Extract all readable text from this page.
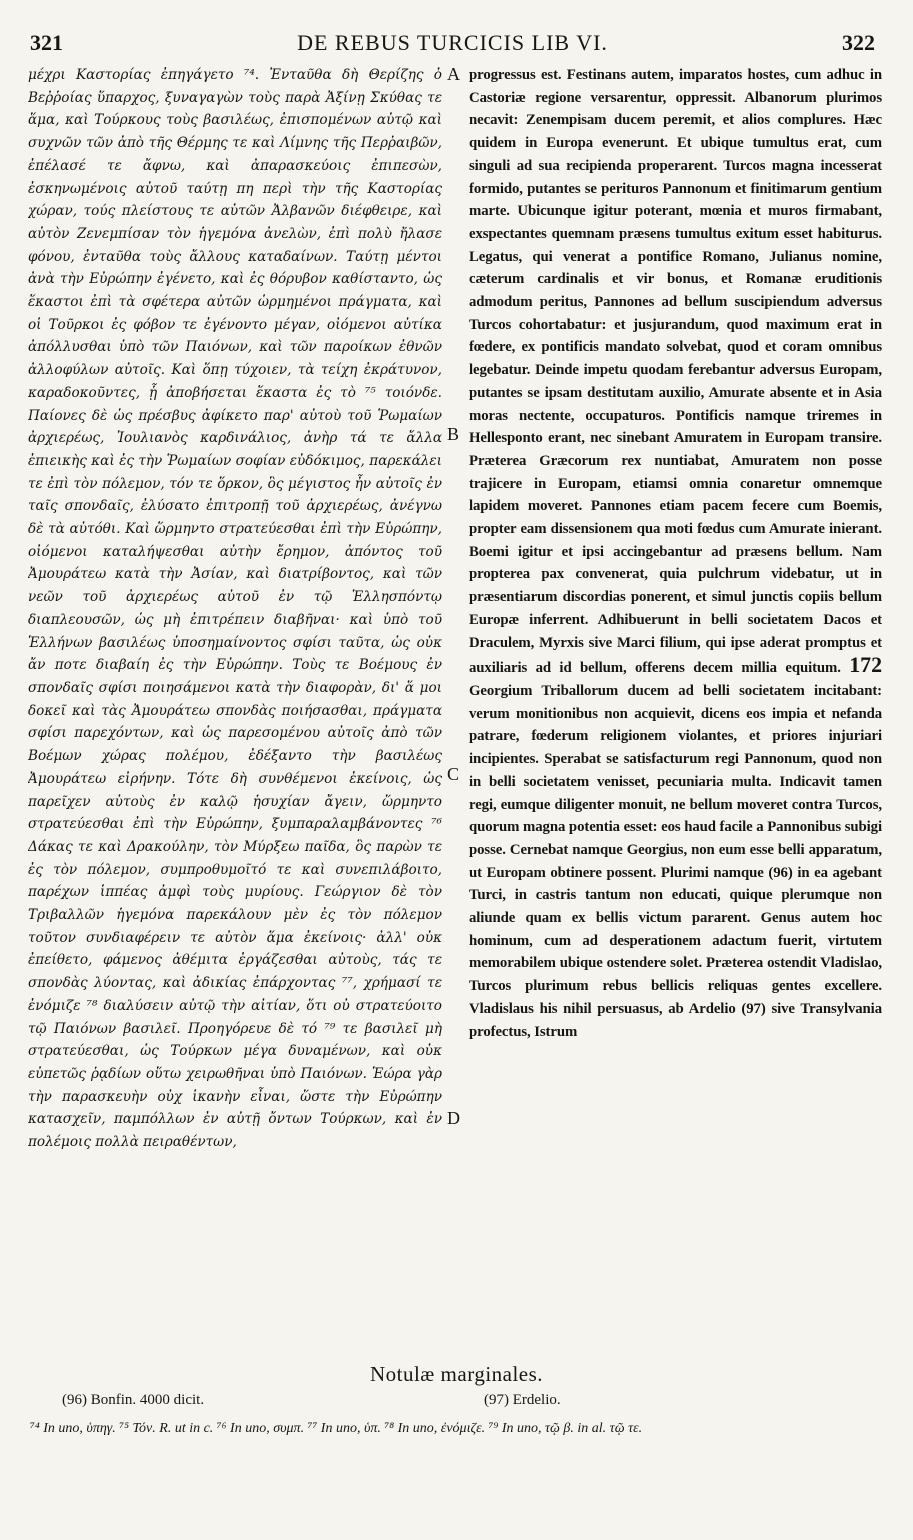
321	DE REBUS TURCICIS LIB VI.	322

μέχρι Καστορίας ἐπηγάγετο ⁷⁴. Ἐνταῦθα δὴ Θερίζης ὁ Βεῤῥοίας ὕπαρχος, ξυναγαγὼν τοὺς παρὰ Ἀξίνῃ Σκύθας τε ἅμα, καὶ Τούρκους τοὺς βασιλέως, ἐπισπομένων αὐτῷ καὶ συχνῶν τῶν ἀπὸ τῆς Θέρμης τε καὶ Λίμνης τῆς Περῤαιβῶν, ἐπέλασέ τε ἄφνω, καὶ ἀπαρασκεύοις ἐπιπεσὼν, ἐσκηνωμένοις αὐτοῦ ταύτῃ πη περὶ τὴν τῆς Καστορίας χώραν, τούς πλείστους τε αὐτῶν Ἀλβανῶν διέφθειρε, καὶ αὐτὸν Ζενεμπίσαν τὸν ἡγεμόνα ἀνελὼν, ἐπὶ πολὺ ἤλασε φόνου, ἐνταῦθα τοὺς ἄλλους καταδαίνων. Ταύτῃ μέντοι ἀνὰ τὴν Εὐρώπην ἐγένετο, καὶ ἐς θόρυβον καθίσταντο, ὡς ἕκαστοι ἐπὶ τὰ σφέτερα αὐτῶν ὡρμημένοι πράγματα, καὶ οἱ Τοῦρκοι ἐς φόβον τε ἐγένοντο μέγαν, οἰόμενοι αὐτίκα ἀπόλλυσθαι ὑπὸ τῶν Παιόνων, καὶ τῶν παροίκων ἐθνῶν ἀλλοφύλων αὐτοῖς. Καὶ ὅπῃ τύχοιεν, τὰ τείχη ἐκράτυνον, καραδοκοῦντες, ᾗ ἀποβήσεται ἕκαστα ἐς τὸ ⁷⁵ τοιόνδε. Παίονες δὲ ὡς πρέσβυς ἀφίκετο παρ' αὐτοὺ τοῦ Ῥωμαίων ἀρχιερέως, Ἰουλιανὸς καρδινάλιος, ἀνὴρ τά τε ἄλλα ἐπιεικὴς καὶ ἐς τὴν Ῥωμαίων σοφίαν εὐδόκιμος, παρεκάλει τε ἐπὶ τὸν πόλεμον, τόν τε ὅρκον, ὃς μέγιστος ἦν αὐτοῖς ἐν ταῖς σπονδαῖς, ἐλύσατο ἐπιτροπῇ τοῦ ἀρχιερέως, ἀνέγνω δὲ τὰ αὐτόθι. Καὶ ὥρμηντο στρατεύεσθαι ἐπὶ τὴν Εὐρώπην, οἰόμενοι καταλήψεσθαι αὐτὴν ἔρημον, ἀπόντος τοῦ Ἀμουράτεω κατὰ τὴν Ἀσίαν, καὶ διατρίβοντος, καὶ τῶν νεῶν τοῦ ἀρχιερέως αὐτοῦ ἐν τῷ Ἑλλησπόντῳ διαπλεουσῶν, ὡς μὴ ἐπιτρέπειν διαβῆναι· καὶ ὑπὸ τοῦ Ἑλλήνων βασιλέως ὑποσημαίνοντος σφίσι ταῦτα, ὡς οὐκ ἄν ποτε διαβαίη ἐς τὴν Εὐρώπην. Τοὺς τε Βοέμους ἐν σπονδαῖς σφίσι ποιησάμενοι κατὰ τὴν διαφορὰν, δι' ἅ μοι δοκεῖ καὶ τὰς Ἀμουράτεω σπονδὰς ποιήσασθαι, πράγματα σφίσι παρεχόντων, καὶ ὡς παρεσομένου αὐτοῖς ἀπὸ τῶν Βοέμων χώρας πολέμου, ἐδέξαντο τὴν βασιλέως Ἀμουράτεω εἰρήνην. Τότε δὴ συνθέμενοι ἐκείνοις, ὡς παρεῖχεν αὐτοὺς ἐν καλῷ ἡσυχίαν ἄγειν, ὥρμηντο στρατεύεσθαι ἐπὶ τὴν Εὐρώπην, ξυμπαραλαμβάνοντες ⁷⁶ Δάκας τε καὶ Δρακούλην, τὸν Μύρξεω παῖδα, ὃς παρὼν τε ἐς τὸν πόλεμον, συμπροθυμοῖτό τε καὶ συνεπιλάβοιτο, παρέχων ἱππέας ἀμφὶ τοὺς μυρίους. Γεώργιον δὲ τὸν Τριβαλλῶν ἡγεμόνα παρεκάλουν μὲν ἐς τὸν πόλεμον τοῦτον συνδιαφέρειν τε αὐτὸν ἅμα ἐκείνοις· ἀλλ' οὐκ ἐπείθετο, φάμενος ἀθέμιτα ἐργάζεσθαι αὐτοὺς, τάς τε σπονδὰς λύοντας, καὶ ἀδικίας ἐπάρχοντας ⁷⁷, χρήμασί τε ἐνόμιζε ⁷⁸ διαλύσειν αὐτῷ τὴν αἰτίαν, ὅτι οὐ στρατεύοιτο τῷ Παιόνων βασιλεῖ. Προηγόρευε δὲ τό ⁷⁹ τε βασιλεῖ μὴ στρατεύεσθαι, ὡς Τούρκων μέγα δυναμένων, καὶ οὐκ εὐπετῶς ῥᾳδίων οὕτω χειρωθῆναι ὑπὸ Παιόνων. Ἑώρα γὰρ τὴν παρασκευὴν οὐχ ἱκανὴν εἶναι, ὥστε τὴν Εὐρώπην κατασχεῖν, παμπόλλων ἐν αὐτῇ ὄντων Τούρκων, καὶ ἐν πολέμοις πολλὰ πειραθέντων,

A
B
C
D

progressus est. Festinans autem, imparatos hostes, cum adhuc in Castoriæ regione versarentur, oppressit. Albanorum plurimos necavit: Zenempisam ducem peremit, et alios complures. Hæc quidem in Europa evenerunt. Et ubique tumultus erat, cum singuli ad sua recipienda properarent. Turcos magna incesserat formido, putantes se perituros Pannonum et finitimarum gentium marte. Ubicunque igitur poterant, mœnia et muros firmabant, exspectantes quemnam præsens tumultus exitum esset habiturus. Legatus, qui venerat a pontifice Romano, Julianus nomine, cæterum cardinalis et vir bonus, et Romanæ eruditionis admodum peritus, Pannones ad bellum suscipiendum adversus Turcos cohortabatur: et jusjurandum, quod maximum erat in fœdere, ex pontificis mandato solvebat, quod et coram omnibus legebatur. Deinde impetu quodam ferebantur adversus Europam, putantes se ipsam destitutam auxilio, Amurate absente et in Asia moras nectente, occupaturos. Pontificis namque triremes in Hellesponto erant, nec sinebant Amuratem in Europam transire. Præterea Græcorum rex nuntiabat, Amuratem non posse trajicere in Europam, etiamsi omnia conaretur omnemque lapidem moveret. Pannones etiam pacem fecere cum Boemis, propter eam dissensionem qua moti fœdus cum Amurate inierant. Boemi igitur et ipsi accingebantur ad præsens bellum. Nam propterea pax convenerat, quia pulchrum videbatur, ut in præsentiarum discordias ponerent, et simul junctis copiis bellum Europæ inferrent. Adhibuerunt in belli societatem Dacos et Draculem, Myrxis sive Marci filium, qui ipse aderat promptus et auxiliaris ad id bellum, offerens decem millia equitum. 172 Georgium Triballorum ducem ad belli societatem incitabant: verum monitionibus non acquievit, dicens eos impia et nefanda patrare, fœderum religionem violantes, et priores injuriari incipientes. Sperabat se satisfacturum regi Pannonum, quod non in belli societatem venisset, pecuniaria multa. Indicavit tamen regi, eumque diligenter monuit, ne bellum moveret contra Turcos, quorum magna potentia esset: eos haud facile a Pannonibus subigi posse. Cernebat namque Georgius, non eum esse belli apparatum, ut Europam obtinere possent. Plurimi namque (96) in ea agebant Turci, in castris tantum non educati, quique plerumque non aliunde quam ex bellis victum pararent. Genus autem hoc hominum, cum ad desperationem adactum fuerit, virtutem memorabilem ubique ostendere solet. Præterea ostendit Vladislao, Turcos plurimum rebus bellicis reliquas gentes excellere. Vladislaus his nihil persuasus, ab Ardelio (97) sive Transylvania profectus, Istrum

Notulæ marginales.
(96) Bonfin. 4000 dicit.	(97) Erdelio.
⁷⁴ In uno, ὑπηγ. ⁷⁵ Τόν. R. ut in c. ⁷⁶ In uno, συμπ. ⁷⁷ In uno, ὑπ. ⁷⁸ In uno, ἐνόμιζε. ⁷⁹ In uno, τῷ β. in al. τῷ τε.
